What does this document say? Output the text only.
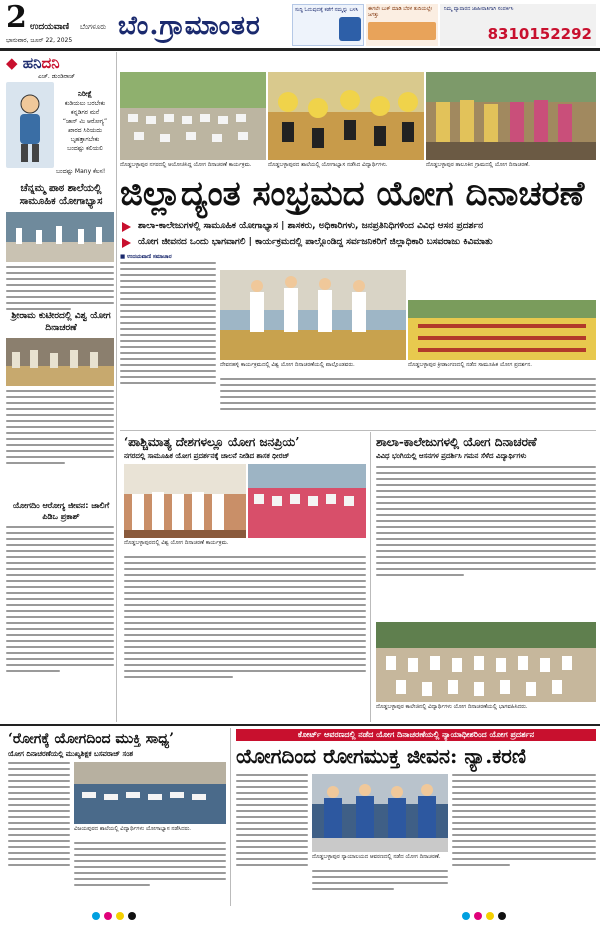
2 ಉದಯವಾಣಿ ಬೆಂಗಳೂರು
ಭಾನುವಾರ, ಜೂನ್ 22, 2025 ಬೆಂ.ಗ್ರಾಮಾಂತರ
ಸುದ್ದಿ ಓದುವುದಕ್ಕೆ ಕಡೆಗೆ ನಮ್ಮನ್ನು ಬಳಸಿ	ಈಗಲೇ ಬುಕ್ ಮಾಡಿ ಬೆರಳ ತುದಿಯಲ್ಲೇ ಜಗತ್ತು
ನಿಮ್ಮ ವ್ಯಾಪಾರದ ಜಾಹೀರಾತಿಗಾಗಿ ಸಂಪರ್ಕಿಸಿ
8310152292
◆ ಹನಿದನಿ
ಎಚ್. ಡುಂಡಿರಾಜ್
ನಿರೀಕ್ಷೆ
ಕುಡಿಯಲು ಬರಬೇಕು
ಕನ್ನಡಿಗರ ಮನೆ
“ಜಾನ್ ಮಿ ಆರೋಗ್ಯ”
ಖಾರದ ಸಿರಿಯದು
ಬೃಹತ್ತಾಗಬೇಕು
ಬಂದಷ್ಟು ಕಲಿಯಲಿ
ಬಂದಷ್ಟು Many ಕೆಲಸ!
ಚೆನ್ನಮ್ಮ ಪಾಠ ಶಾಲೆಯಲ್ಲಿ ಸಾಮೂಹಿಕ ಯೋಗಾಭ್ಯಾಸ
ಶ್ರೀರಾಮ ಕುಟೀರದಲ್ಲಿ ವಿಶ್ವ ಯೋಗ ದಿನಾಚರಣೆ
ಯೋಗದಿಂ ಆರೋಗ್ಯ ಜೀವನ: ಜಾಲಿಗೆ ಪಿಡಿಒ ಪ್ರಕಾಶ್
ದೊಡ್ಡಬಳ್ಳಾಪುರ ನಗರದಲ್ಲಿ ಆಯೋಜಿಸಿದ್ದ ಯೋಗ ದಿನಾಚರಣೆ ಕಾರ್ಯಕ್ರಮ.	ದೊಡ್ಡಬಳ್ಳಾಪುರದ ಶಾಲೆಯಲ್ಲಿ ಯೋಗಾಭ್ಯಾಸ ನಡೆಸಿದ ವಿದ್ಯಾರ್ಥಿಗಳು.	ದೊಡ್ಡಬಳ್ಳಾಪುರ ತಾಲೂಕಿನ ಗ್ರಾಮದಲ್ಲಿ ಯೋಗ ದಿನಾಚರಣೆ.
ಜಿಲ್ಲಾದ್ಯಂತ ಸಂಭ್ರಮದ ಯೋಗ ದಿನಾಚರಣೆ
ಶಾಲಾ-ಕಾಲೇಜುಗಳಲ್ಲಿ ಸಾಮೂಹಿಕ ಯೋಗಾಭ್ಯಾಸ | ಶಾಸಕರು, ಅಧಿಕಾರಿಗಳು, ಜನಪ್ರತಿನಿಧಿಗಳಿಂದ ವಿವಿಧ ಆಸನ ಪ್ರದರ್ಶನ
ಯೋಗ ಜೀವನದ ಒಂದು ಭಾಗವಾಗಲಿ | ಕಾರ್ಯಕ್ರಮದಲ್ಲಿ ಪಾಲ್ಗೊಂಡಿದ್ದ ಸರ್ವಜನಿಕರಿಗೆ ಜಿಲ್ಲಾಧಿಕಾರಿ ಬಸವರಾಜು ಕಿವಿಮಾತು
■ ಉದಯವಾಣಿ ಸಮಾಚಾರ
ದೇವನಹಳ್ಳಿ ಕಾರ್ಯಕ್ರಮದಲ್ಲಿ ವಿಶ್ವ ಯೋಗ ದಿನಾಚರಣೆಯಲ್ಲಿ ಪಾಲ್ಗೊಂಡವರು.	ದೊಡ್ಡಬಳ್ಳಾಪುರ ಕ್ರೀಡಾಂಗಣದಲ್ಲಿ ನಡೆದ ಸಾಮೂಹಿಕ ಯೋಗ ಪ್ರದರ್ಶನ.
‘ಪಾಶ್ಚಿಮಾತ್ಯ ದೇಶಗಳಲ್ಲೂ ಯೋಗ ಜನಪ್ರಿಯ’
ನಗರದಲ್ಲಿ ಸಾಮೂಹಿಕ ಯೋಗ ಪ್ರದರ್ಶನಕ್ಕೆ ಚಾಲನೆ ನೀಡಿದ ಶಾಸಕ ಧೀರಜ್
ದೊಡ್ಡಬಳ್ಳಾಪುರದಲ್ಲಿ ವಿಶ್ವ ಯೋಗ ದಿನಾಚರಣೆ ಕಾರ್ಯಕ್ರಮ.
ಶಾಲಾ-ಕಾಲೇಜುಗಳಲ್ಲಿ ಯೋಗ ದಿನಾಚರಣೆ
ವಿವಿಧ ಭಂಗಿಯಲ್ಲಿ ಆಸನಗಳ ಪ್ರದರ್ಶಿಸಿ ಗಮನ ಸೆಳೆದ ವಿದ್ಯಾರ್ಥಿಗಳು
ದೊಡ್ಡಬಳ್ಳಾಪುರ ಕಾಲೇಜಿನಲ್ಲಿ ವಿದ್ಯಾರ್ಥಿಗಳು ಯೋಗ ದಿನಾಚರಣೆಯಲ್ಲಿ ಭಾಗವಹಿಸಿದರು.
‘ರೋಗಕ್ಕೆ ಯೋಗದಿಂದ ಮುಕ್ತಿ ಸಾಧ್ಯ’
ಯೋಗ ದಿನಾಚರಣೆಯಲ್ಲಿ ಮುಖ್ಯಶಿಕ್ಷಕ ಬಸವರಾಜ್ ಸಂಶ
ವಿಜಯಪುರದ ಶಾಲೆಯಲ್ಲಿ ವಿದ್ಯಾರ್ಥಿಗಳು ಯೋಗಾಭ್ಯಾಸ ನಡೆಸಿದರು.
ಕೋರ್ಟ್ ಆವರಣದಲ್ಲಿ ನಡೆದ ಯೋಗ ದಿನಾಚರಣೆಯಲ್ಲಿ ನ್ಯಾಯಾಧೀಶರಿಂದ ಯೋಗ ಪ್ರದರ್ಶನ
ಯೋಗದಿಂದ ರೋಗಮುಕ್ತ ಜೀವನ: ನ್ಯಾ.ಕರಣಿ
ದೊಡ್ಡಬಳ್ಳಾಪುರ ನ್ಯಾಯಾಲಯದ ಆವರಣದಲ್ಲಿ ನಡೆದ ಯೋಗ ದಿನಾಚರಣೆ.
